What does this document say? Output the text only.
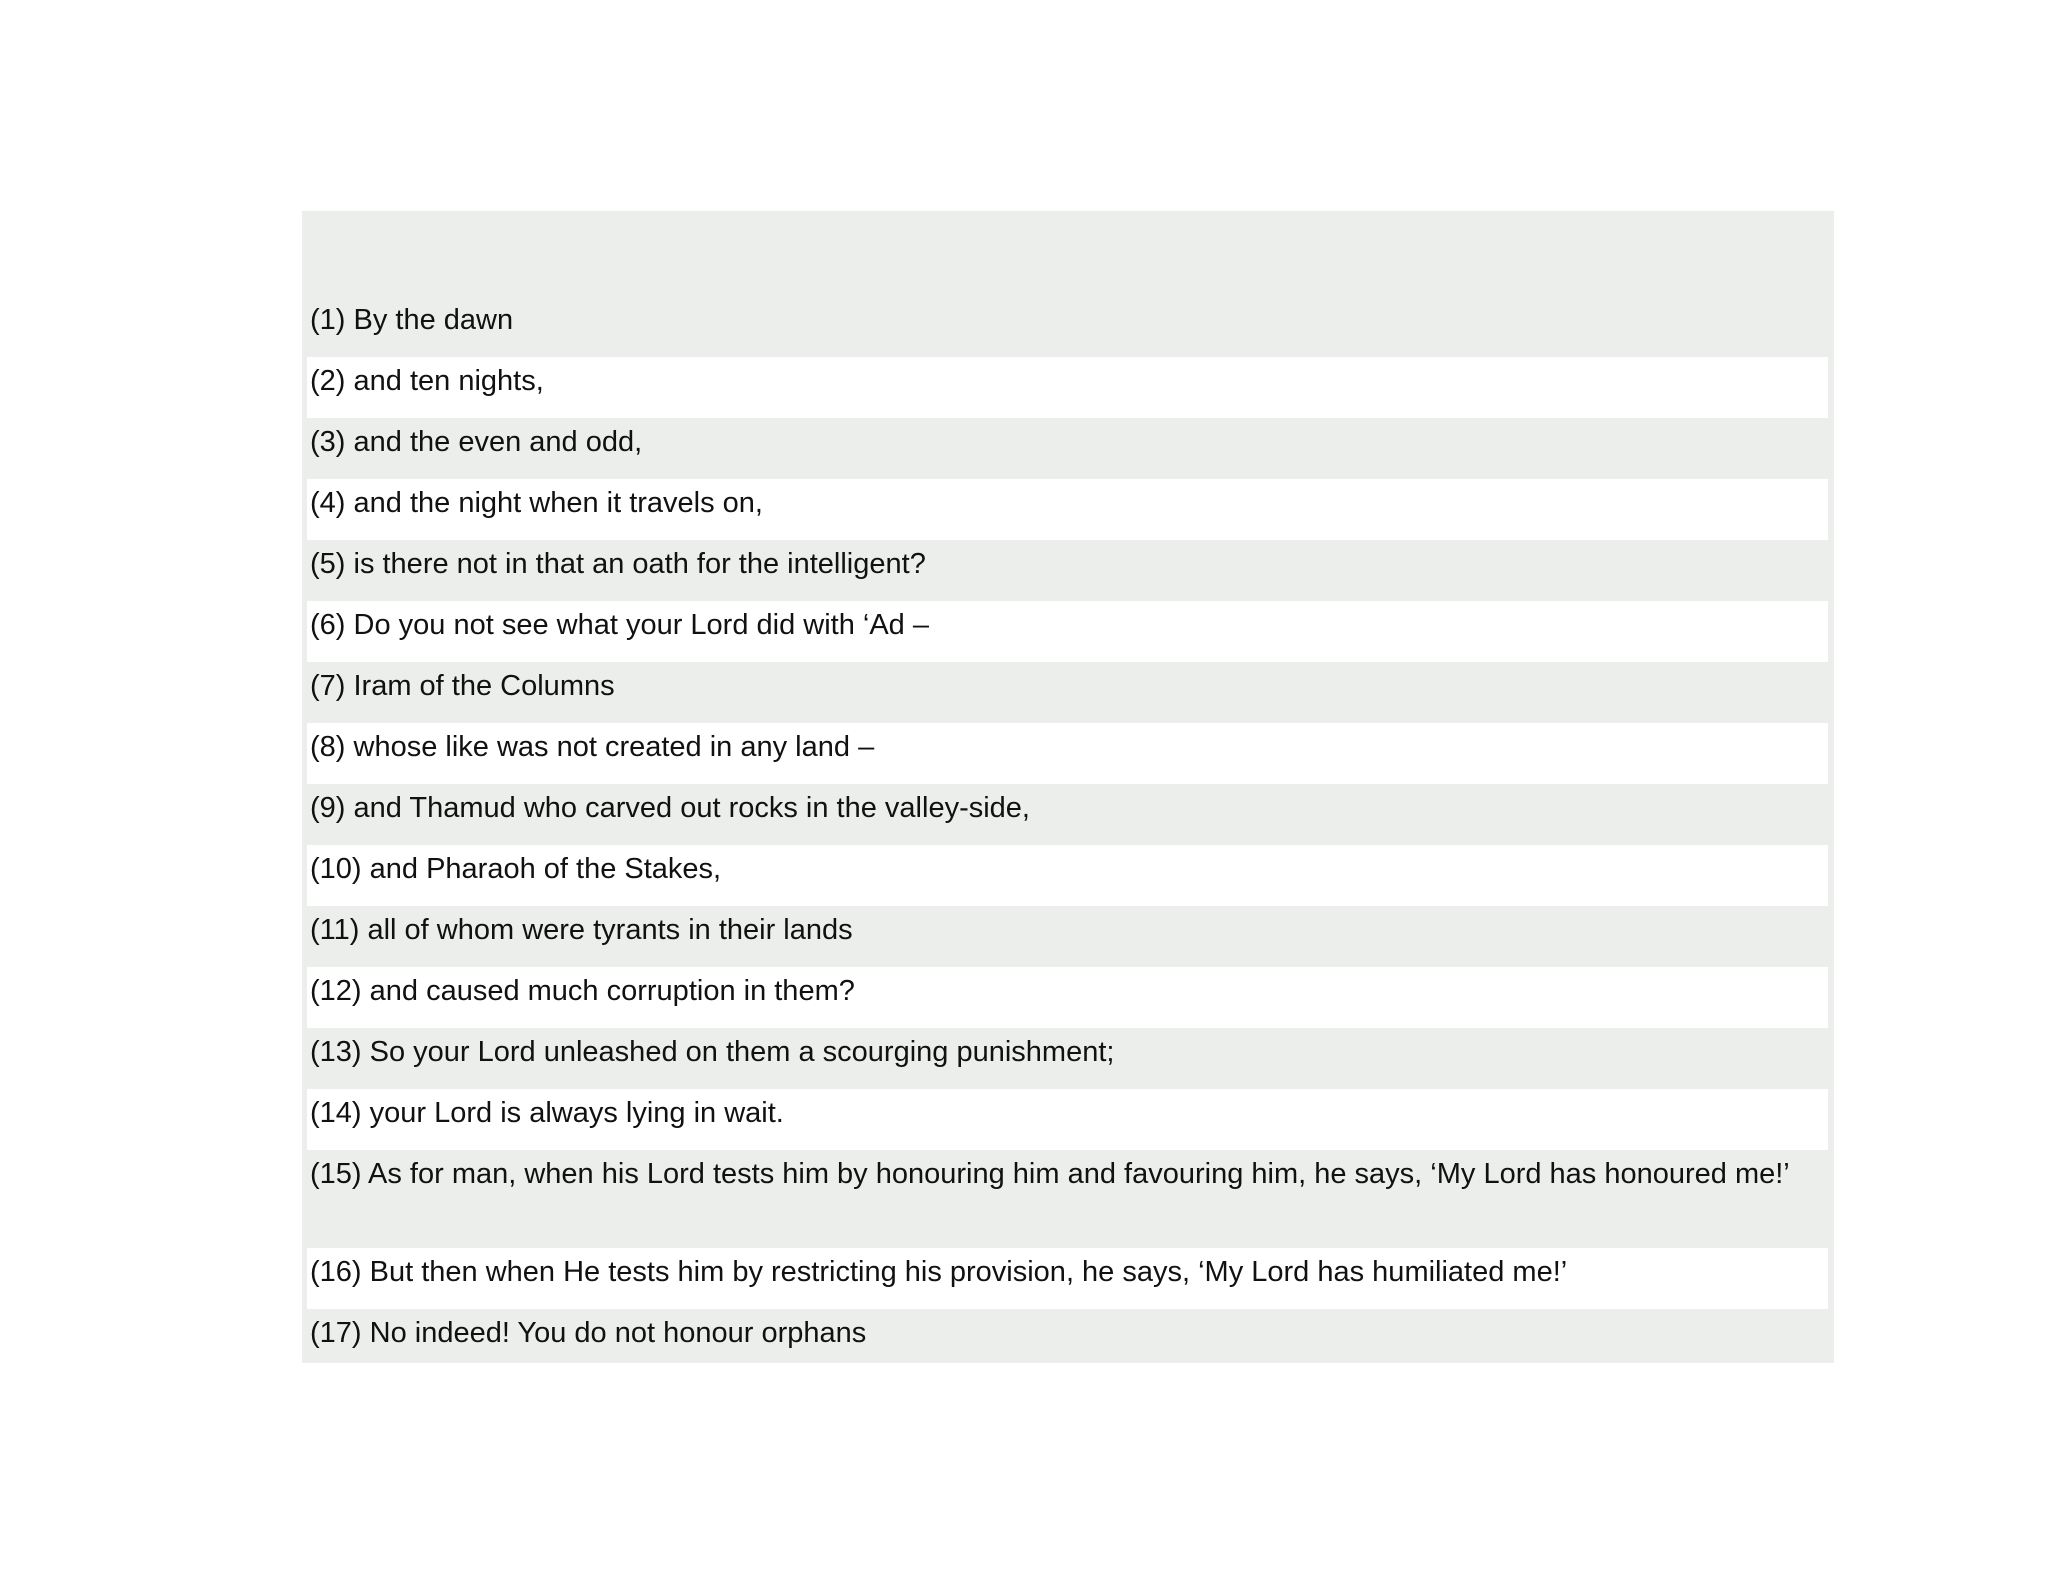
(1) By the dawn
(2) and ten nights,
(3) and the even and odd,
(4) and the night when it travels on,
(5) is there not in that an oath for the intelligent?
(6) Do you not see what your Lord did with ‘Ad –
(7) Iram of the Columns
(8) whose like was not created in any land –
(9) and Thamud who carved out rocks in the valley-side,
(10) and Pharaoh of the Stakes,
(11) all of whom were tyrants in their lands
(12) and caused much corruption in them?
(13) So your Lord unleashed on them a scourging punishment;
(14) your Lord is always lying in wait.
(15) As for man, when his Lord tests him by honouring him and favouring him, he says, ‘My Lord has honoured me!’
(16) But then when He tests him by restricting his provision, he says, ‘My Lord has humiliated me!’
(17) No indeed! You do not honour orphans
